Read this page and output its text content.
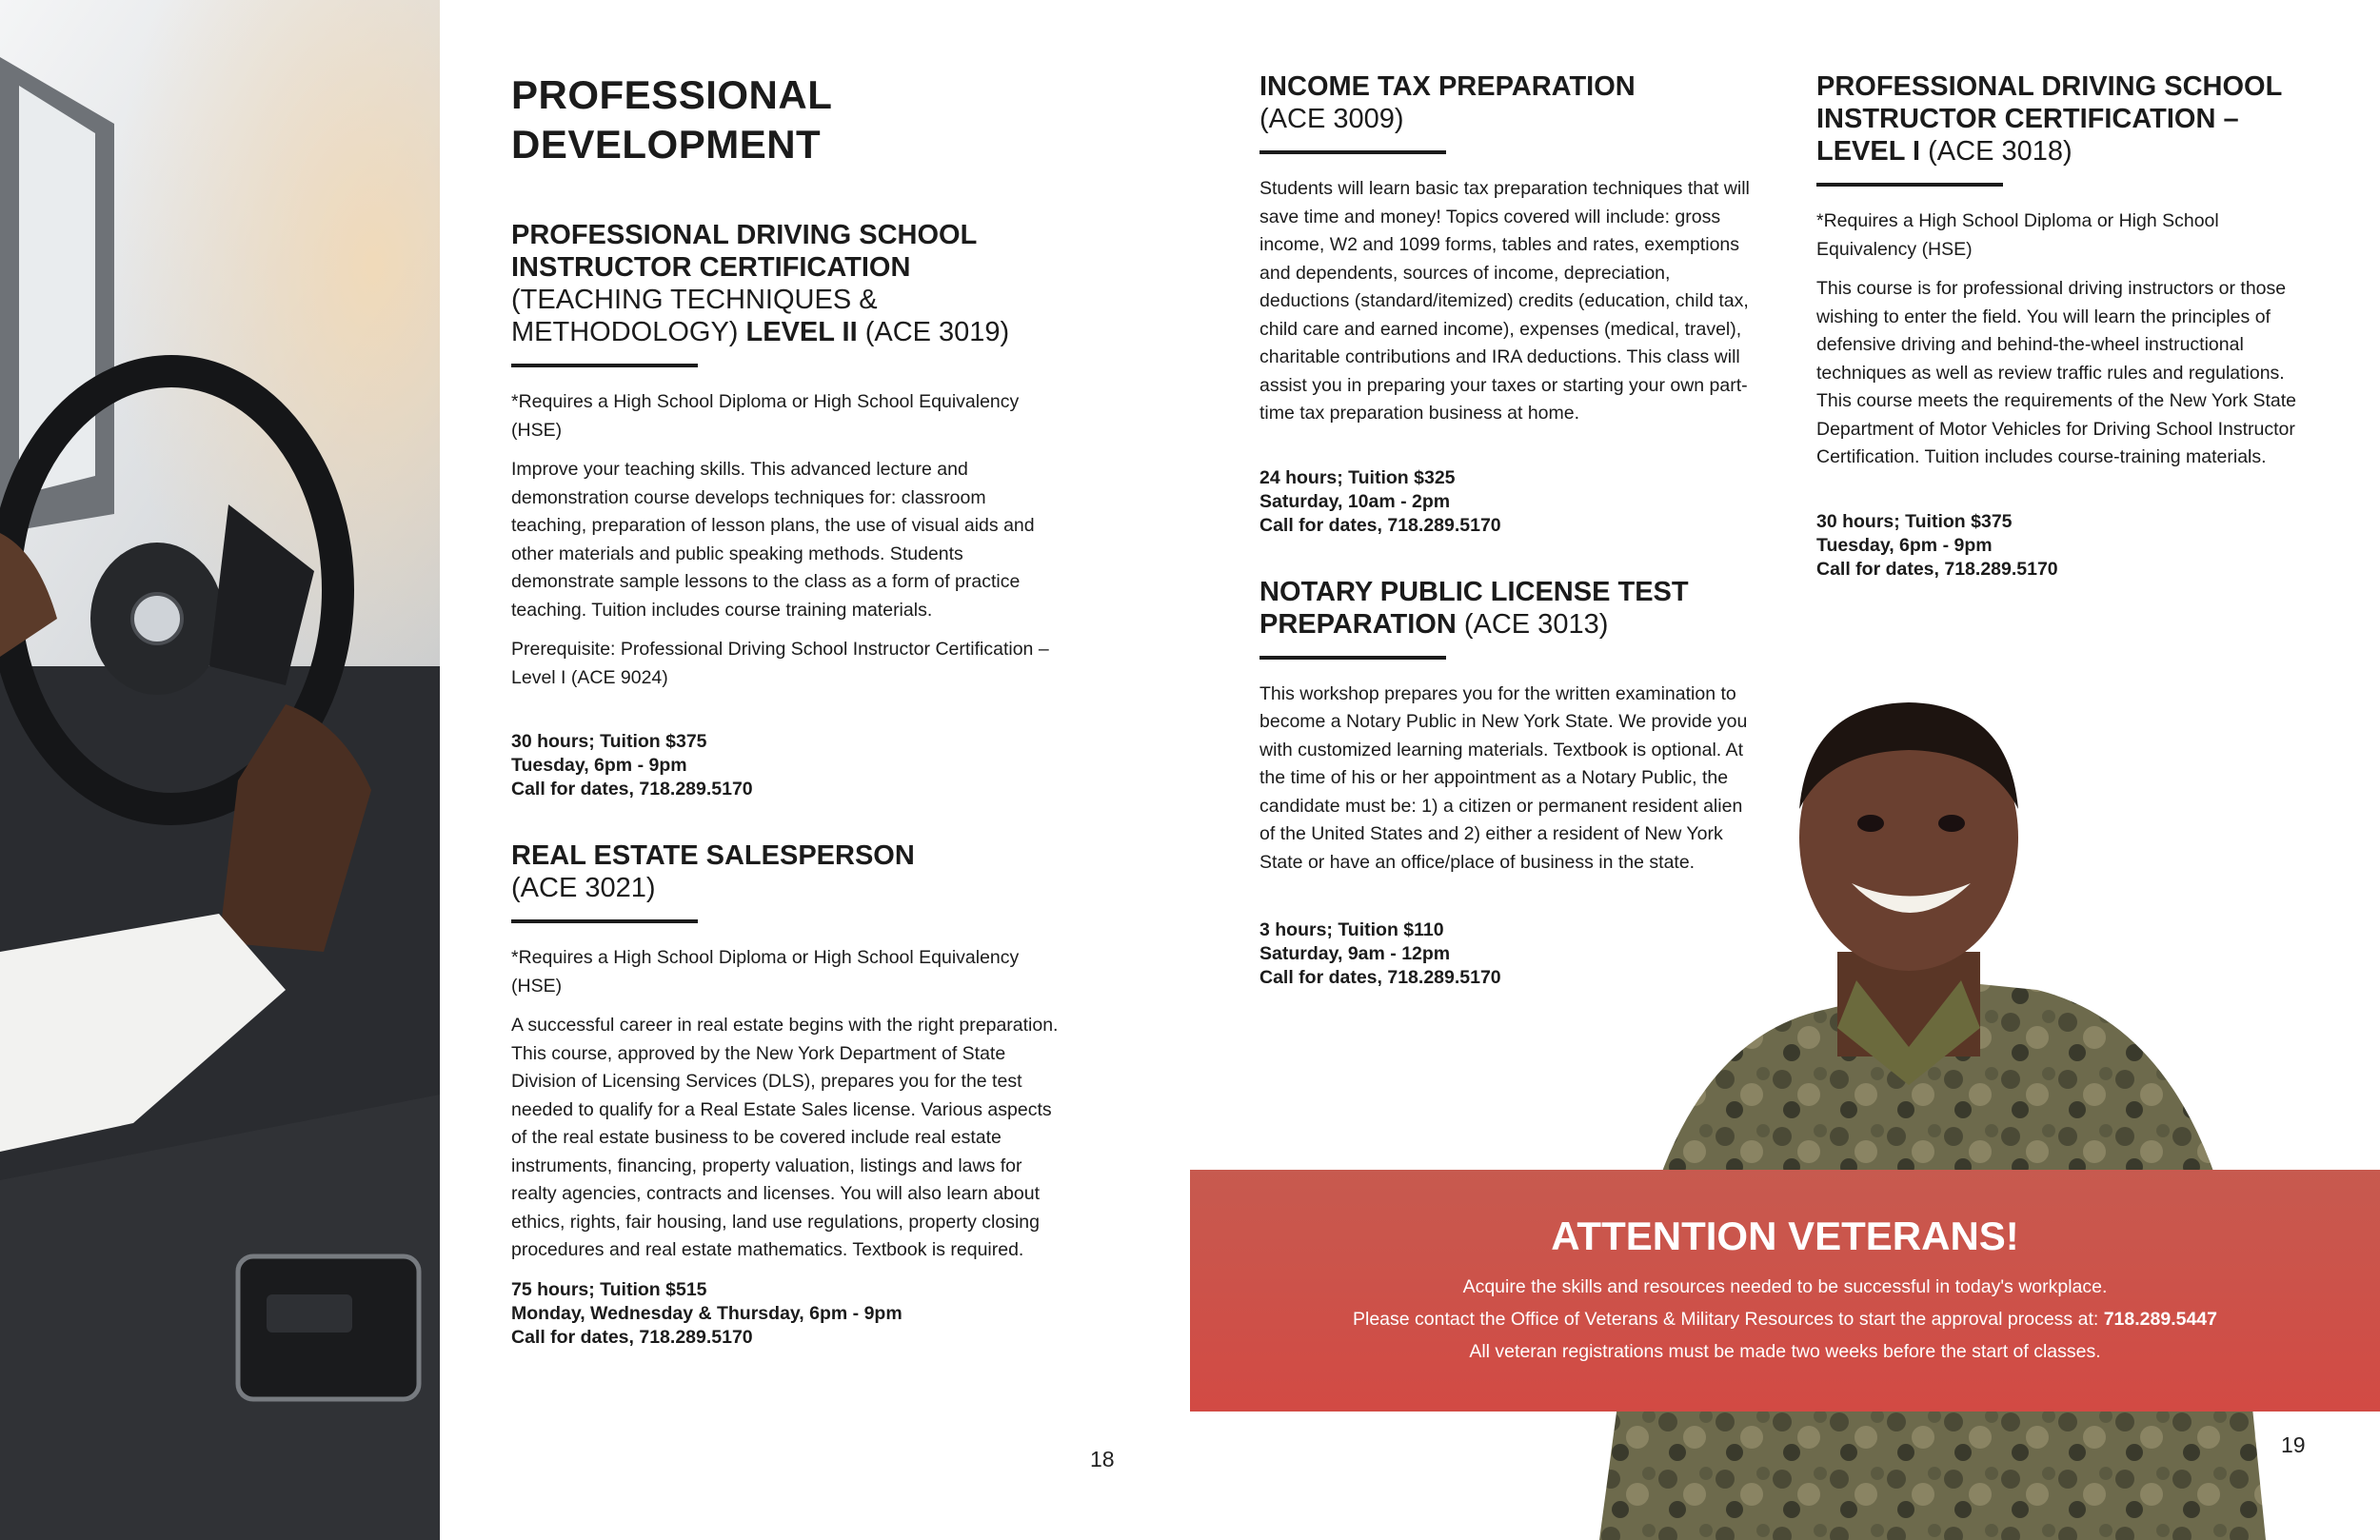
PROFESSIONAL
DEVELOPMENT
PROFESSIONAL DRIVING SCHOOL
INSTRUCTOR CERTIFICATION
(TEACHING TECHNIQUES &
METHODOLOGY) LEVEL II (ACE 3019)

*Requires a High School Diploma or High School Equivalency (HSE)

Improve your teaching skills. This advanced lecture and demonstration course develops techniques for: classroom teaching, preparation of lesson plans, the use of visual aids and other materials and public speaking methods. Students demonstrate sample lessons to the class as a form of practice teaching. Tuition includes course training materials.

Prerequisite: Professional Driving School Instructor Certification – Level I (ACE 9024)

30 hours; Tuition $375
Tuesday, 6pm - 9pm
Call for dates, 718.289.5170
REAL ESTATE SALESPERSON
(ACE 3021)

*Requires a High School Diploma or High School Equivalency (HSE)

A successful career in real estate begins with the right preparation. This course, approved by the New York Department of State Division of Licensing Services (DLS), prepares you for the test needed to qualify for a Real Estate Sales license. Various aspects of the real estate business to be covered include real estate instruments, financing, property valuation, listings and laws for realty agencies, contracts and licenses. You will also learn about ethics, rights, fair housing, land use regulations, property closing procedures and real estate mathematics. Textbook is required.

75 hours; Tuition $515
Monday, Wednesday & Thursday, 6pm - 9pm
Call for dates, 718.289.5170
18
INCOME TAX PREPARATION
(ACE 3009)

Students will learn basic tax preparation techniques that will save time and money! Topics covered will include: gross income, W2 and 1099 forms, tables and rates, exemptions and dependents, sources of income, depreciation, deductions (standard/itemized) credits (education, child tax, child care and earned income), expenses (medical, travel), charitable contributions and IRA deductions. This class will assist you in preparing your taxes or starting your own part-time tax preparation business at home.

24 hours; Tuition $325
Saturday, 10am - 2pm
Call for dates, 718.289.5170
NOTARY PUBLIC LICENSE TEST
PREPARATION (ACE 3013)

This workshop prepares you for the written examination to become a Notary Public in New York State. We provide you with customized learning materials. Textbook is optional. At the time of his or her appointment as a Notary Public, the candidate must be: 1) a citizen or permanent resident alien of the United States and 2) either a resident of New York State or have an office/place of business in the state.

3 hours; Tuition $110
Saturday, 9am - 12pm
Call for dates, 718.289.5170
PROFESSIONAL DRIVING SCHOOL
INSTRUCTOR CERTIFICATION –
LEVEL I (ACE 3018)

*Requires a High School Diploma or High School Equivalency (HSE)

This course is for professional driving instructors or those wishing to enter the field. You will learn the principles of defensive driving and behind-the-wheel instructional techniques as well as review traffic rules and regulations. This course meets the requirements of the New York State Department of Motor Vehicles for Driving School Instructor Certification. Tuition includes course-training materials.

30 hours; Tuition $375
Tuesday, 6pm - 9pm
Call for dates, 718.289.5170
ATTENTION VETERANS!
Acquire the skills and resources needed to be successful in today's workplace.
Please contact the Office of Veterans & Military Resources to start the approval process at: 718.289.5447
All veteran registrations must be made two weeks before the start of classes.
19
